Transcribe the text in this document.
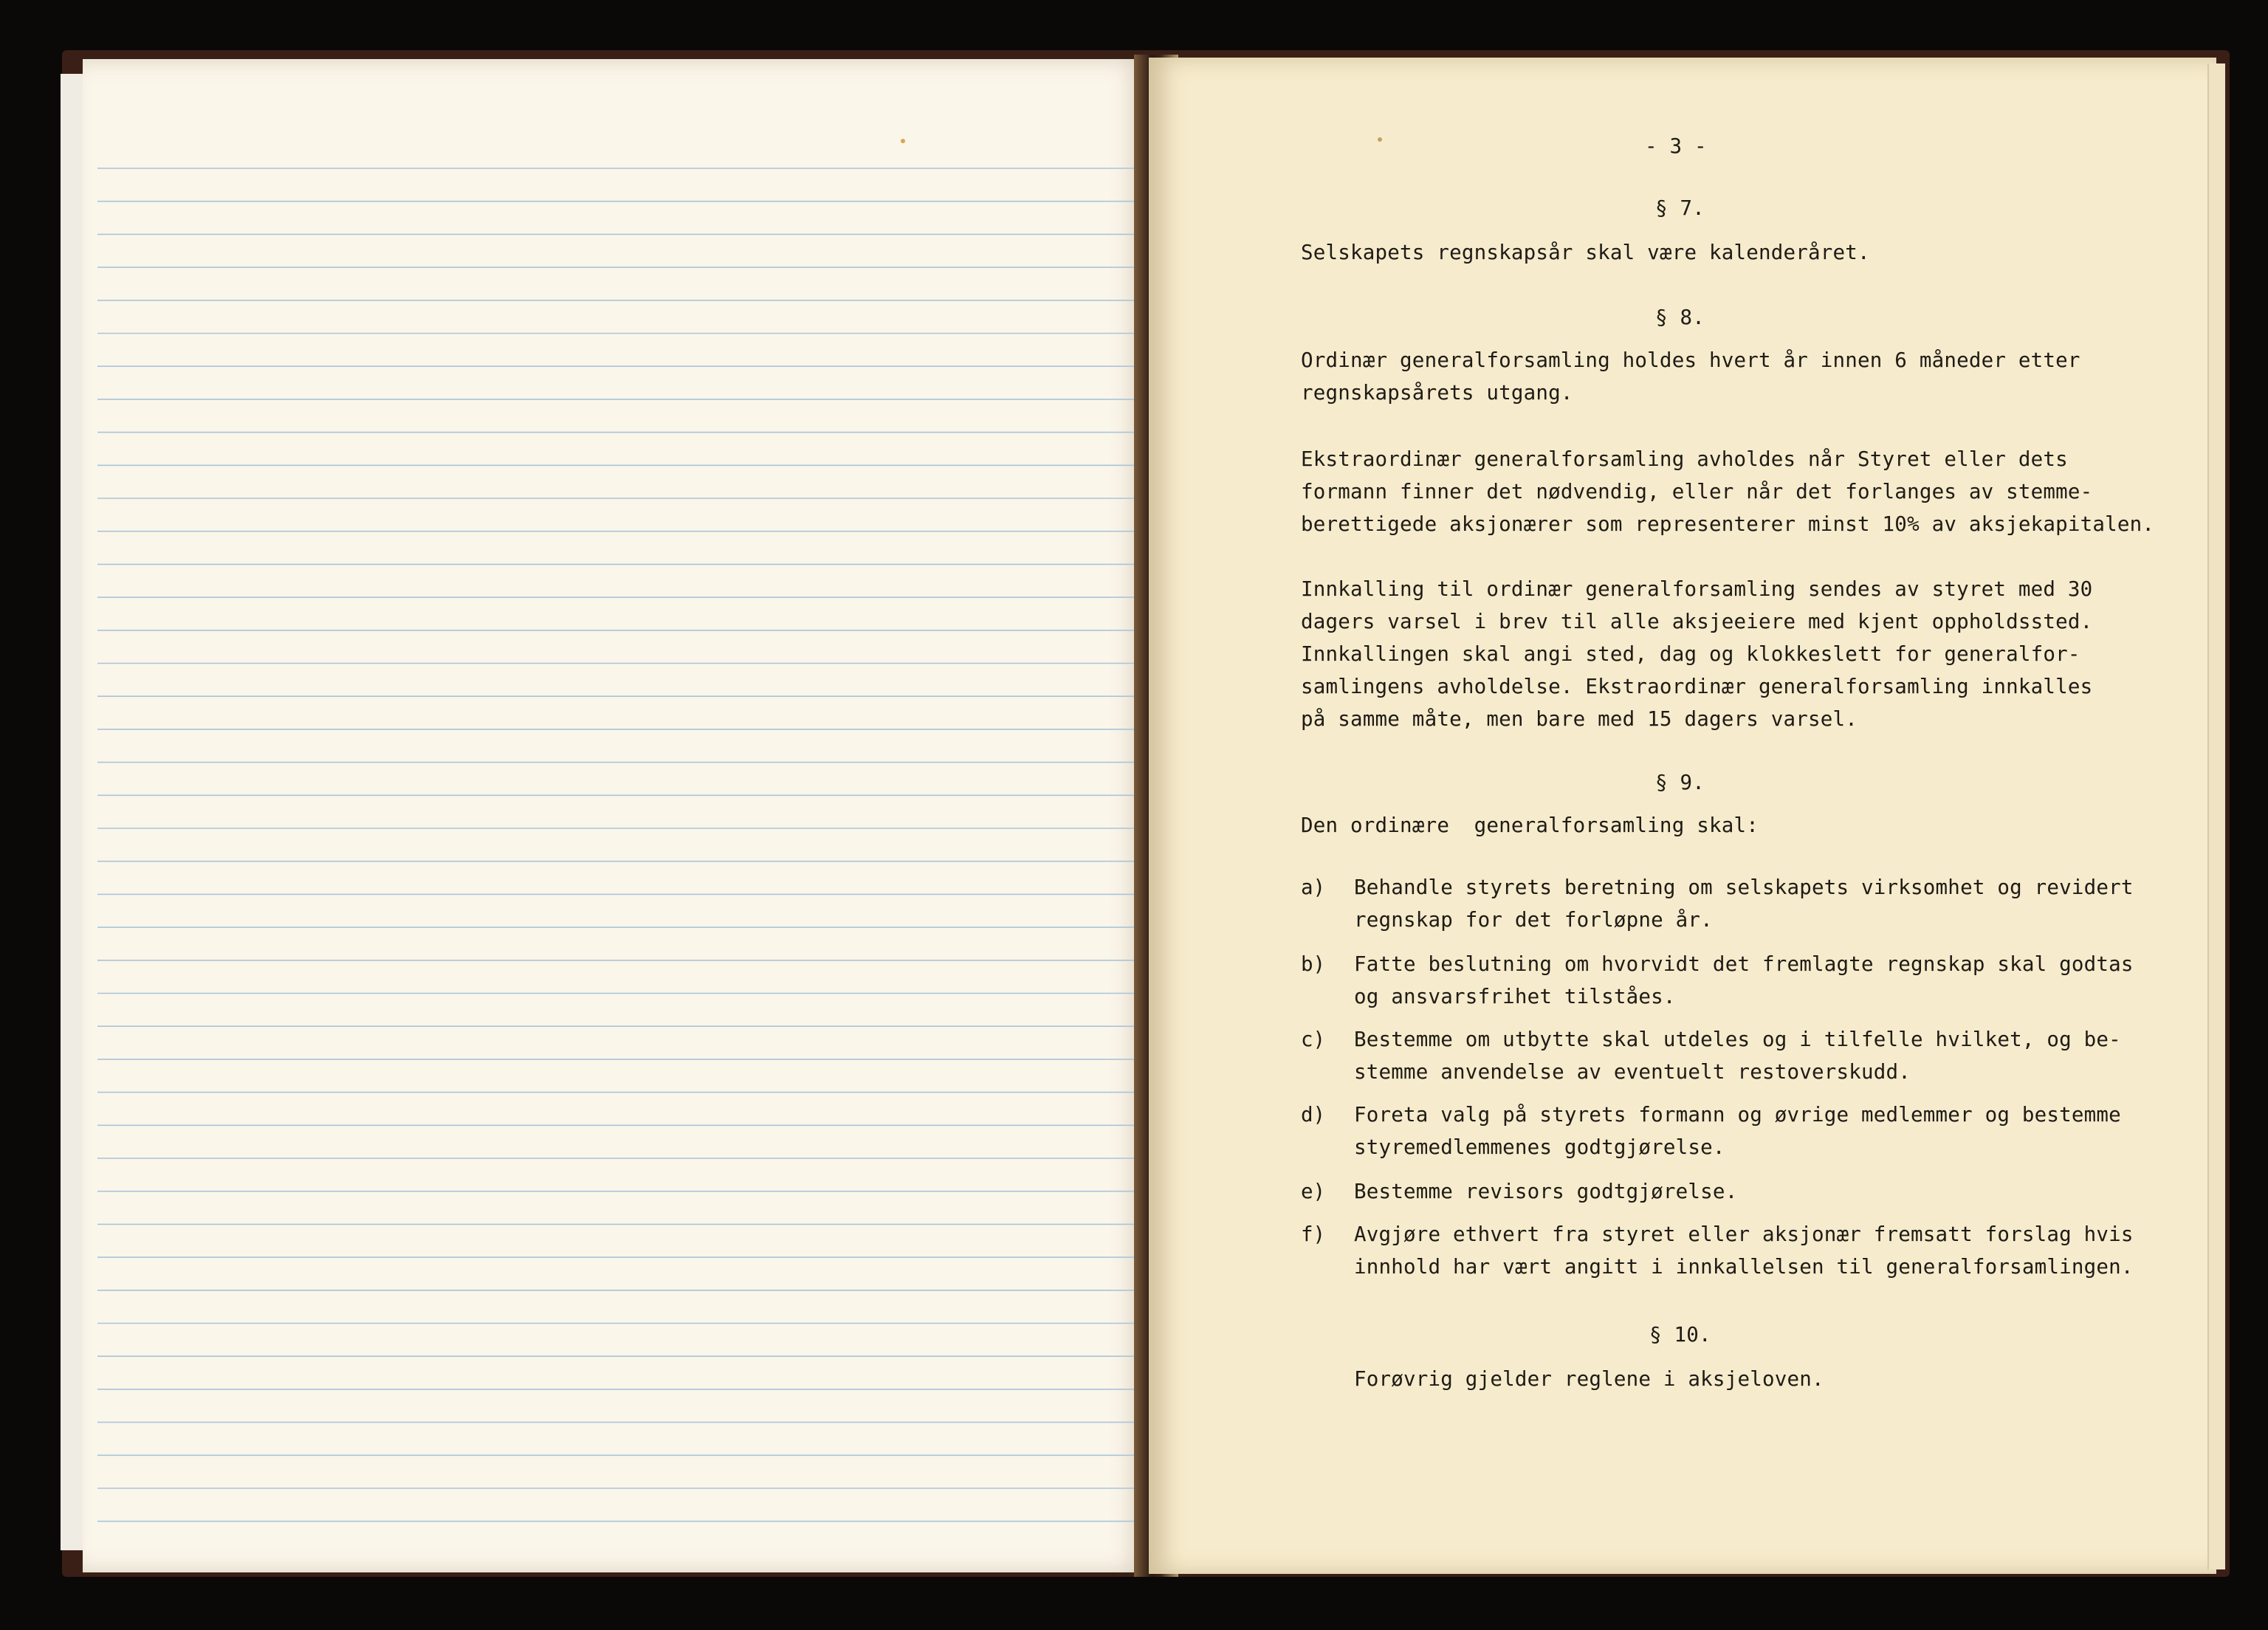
- 3 -
§ 7.
Selskapets regnskapsår skal være kalenderåret.
§ 8.
Ordinær generalforsamling holdes hvert år innen 6 måneder etter
regnskapsårets utgang.
Ekstraordinær generalforsamling avholdes når Styret eller dets
formann finner det nødvendig, eller når det forlanges av stemme-
berettigede aksjonærer som representerer minst 10% av aksjekapitalen.
Innkalling til ordinær generalforsamling sendes av styret med 30
dagers varsel i brev til alle aksjeeiere med kjent oppholdssted.
Innkallingen skal angi sted, dag og klokkeslett for generalfor-
samlingens avholdelse. Ekstraordinær generalforsamling innkalles
på samme måte, men bare med 15 dagers varsel.
§ 9.
Den ordinære  generalforsamling skal:
a) Behandle styrets beretning om selskapets virksomhet og revidert
regnskap for det forløpne år.
b) Fatte beslutning om hvorvidt det fremlagte regnskap skal godtas
og ansvarsfrihet tilståes.
c) Bestemme om utbytte skal utdeles og i tilfelle hvilket, og be-
stemme anvendelse av eventuelt restoverskudd.
d) Foreta valg på styrets formann og øvrige medlemmer og bestemme
styremedlemmenes godtgjørelse.
e) Bestemme revisors godtgjørelse.
f) Avgjøre ethvert fra styret eller aksjonær fremsatt forslag hvis
innhold har vært angitt i innkallelsen til generalforsamlingen.
§ 10.
Forøvrig gjelder reglene i aksjeloven.
